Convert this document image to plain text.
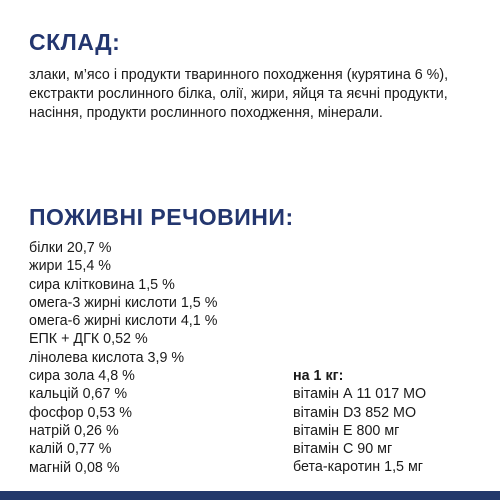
СКЛАД:

злаки, м’ясо і продукти тваринного походження (курятина 6 %), екстракти рослинного білка, олії, жири, яйця та яєчні продукти, насіння, продукти рослинного походження, мінерали.

ПОЖИВНІ РЕЧОВИНИ:
білки 20,7 %
жири 15,4 %
сира клітковина 1,5 %
омега-3 жирні кислоти 1,5 %
омега-6 жирні кислоти 4,1 %
ЕПК + ДГК 0,52 %
лінолева кислота 3,9 %
сира зола 4,8 %
кальцій 0,67 %
фосфор 0,53 %
натрій 0,26 %
калій 0,77 %
магній 0,08 %

на 1 кг:

вітамін А 11 017 МО
вітамін D3 852 МО
вітамін Е 800 мг
вітамін С 90 мг
бета-каротин 1,5 мг
